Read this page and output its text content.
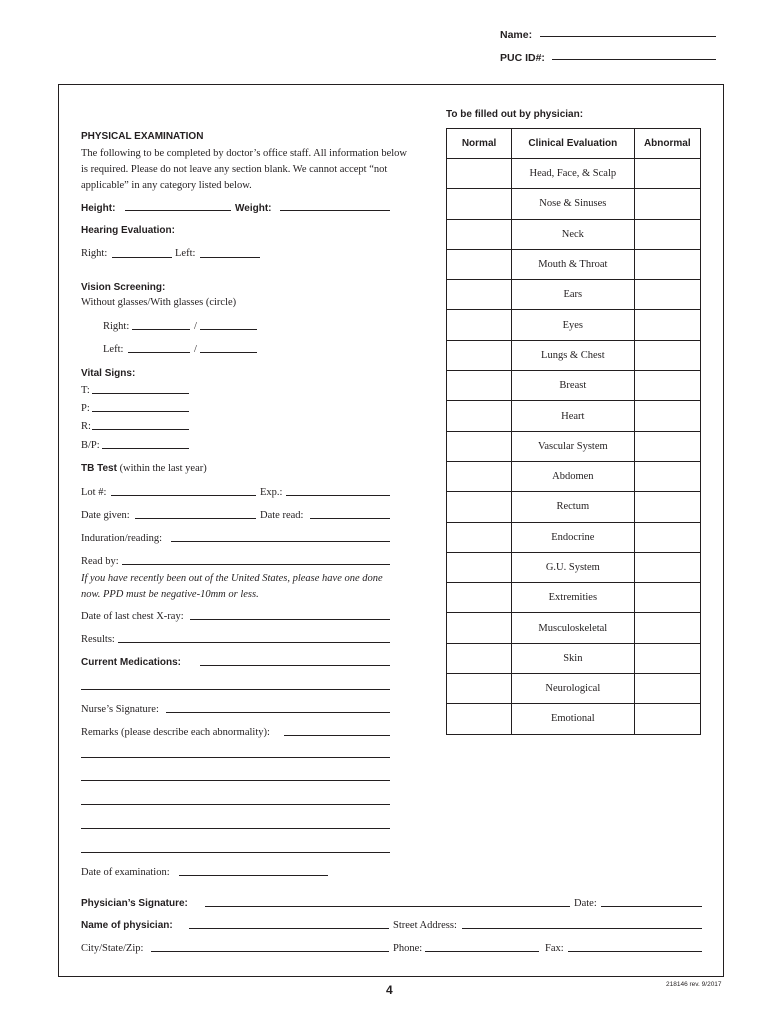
Name:
PUC ID#:
To be filled out by physician:
PHYSICAL EXAMINATION
The following to be completed by doctor’s office staff. All information below is required. Please do not leave any section blank. We cannot accept “not applicable” in any category listed below.
Height:	Weight:
Hearing Evaluation:
Right:	Left:
Vision Screening:
Without glasses/With glasses (circle)
Right:	/
Left:	/
Vital Signs:
T:
P:
R:
B/P:
TB Test (within the last year)
Lot #:	Exp.:
Date given:	Date read:
Induration/reading:
Read by:
If you have recently been out of the United States, please have one done now. PPD must be negative-10mm or less.
Date of last chest X-ray:
Results:
Current Medications:
Nurse’s Signature:
Remarks (please describe each abnormality):
Date of examination:
Physician’s Signature:	Date:
Name of physician:	Street Address:
City/State/Zip:	Phone:	Fax:
Normal	Clinical Evaluation	Abnormal
	Head, Face, & Scalp	
	Nose & Sinuses	
	Neck	
	Mouth & Throat	
	Ears	
	Eyes	
	Lungs & Chest	
	Breast	
	Heart	
	Vascular System	
	Abdomen	
	Rectum	
	Endocrine	
	G.U. System	
	Extremities	
	Musculoskeletal	
	Skin	
	Neurological	
	Emotional	
4	218146 rev. 9/2017
